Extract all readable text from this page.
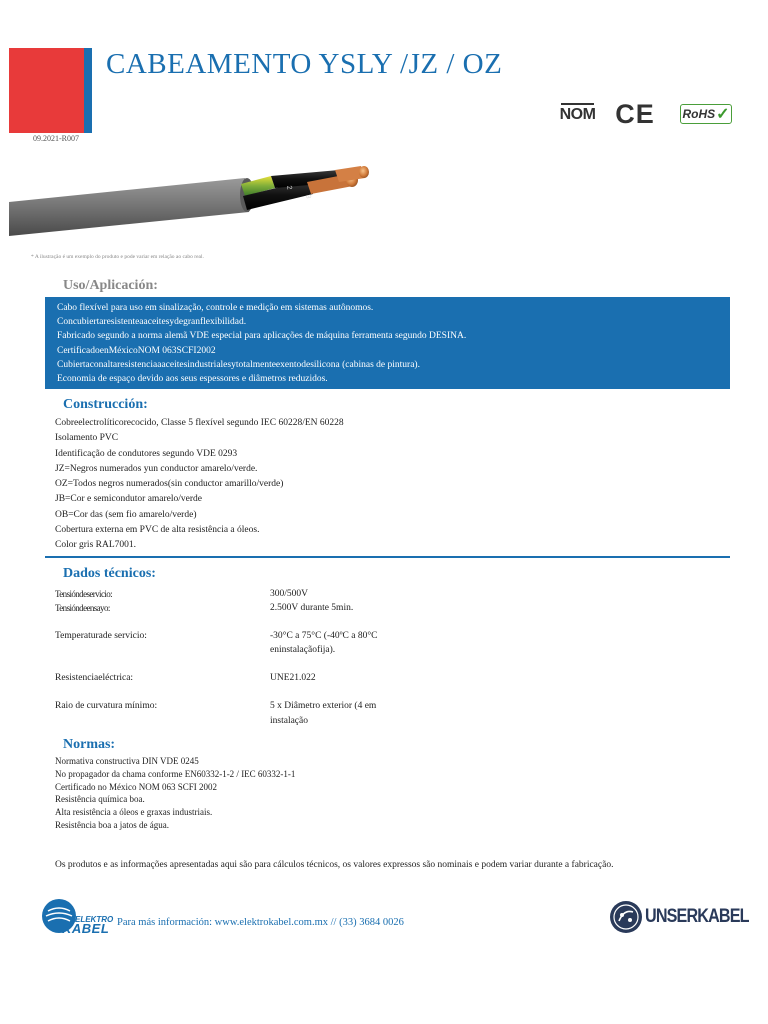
CABEAMENTO YSLY /JZ / OZ
09.2021-R007
NOM CE RoHS ✓
2
3
* A ilustração é um exemplo do produto e pode variar em relação ao cabo real.
Uso/Aplicación:
Cabo flexível para uso em sinalização, controle e medição em sistemas autônomos.
Concubiertaresistenteaaceitesydegranflexibilidad.
Fabricado segundo a norma alemã VDE especial para aplicações de máquina ferramenta segundo DESINA.
CertificadoenMéxicoNOM 063SCFI2002
Cubiertaconaltaresistenciaaaceitesindustrialesytotalmenteexentodesilicona (cabinas de pintura).
Economia de espaço devido aos seus espessores e diâmetros reduzidos.
Construcción:
Cobreelectrolíticorecocido, Classe 5 flexível segundo IEC 60228/EN 60228
Isolamento PVC
Identificação de condutores segundo VDE 0293
JZ=Negros numerados yun conductor amarelo/verde.
OZ=Todos negros numerados(sin conductor amarillo/verde)
JB=Cor e semicondutor amarelo/verde
OB=Cor das (sem fio amarelo/verde)
Cobertura externa em PVC de alta resistência a óleos.
Color gris RAL7001.
Dados técnicos:
Tensióndeservicio:	300/500V
Tensióndeensayo:	2.500V durante 5min.
Temperaturade servicio:	-30°C a 75°C (-40ºC a 80°C
eninstalaçãofija).
Resistenciaeléctrica:	UNE21.022
Raio de curvatura mínimo:	5 x Diâmetro exterior (4 em
instalação
Normas:
Normativa constructiva DIN VDE 0245
No propagador da chama conforme EN60332-1-2 / IEC 60332-1-1
Certificado no México NOM 063 SCFI 2002
Resistência química boa.
Alta resistência a óleos e graxas industriais.
Resistência boa a jatos de água.
Os produtos e as informações apresentadas aqui são para cálculos técnicos, os valores expressos são nominais e podem variar durante a fabricação.
ELEKTRO
KABEL Para más información: www.elektrokabel.com.mx // (33) 3684 0026	UNSERKABEL
